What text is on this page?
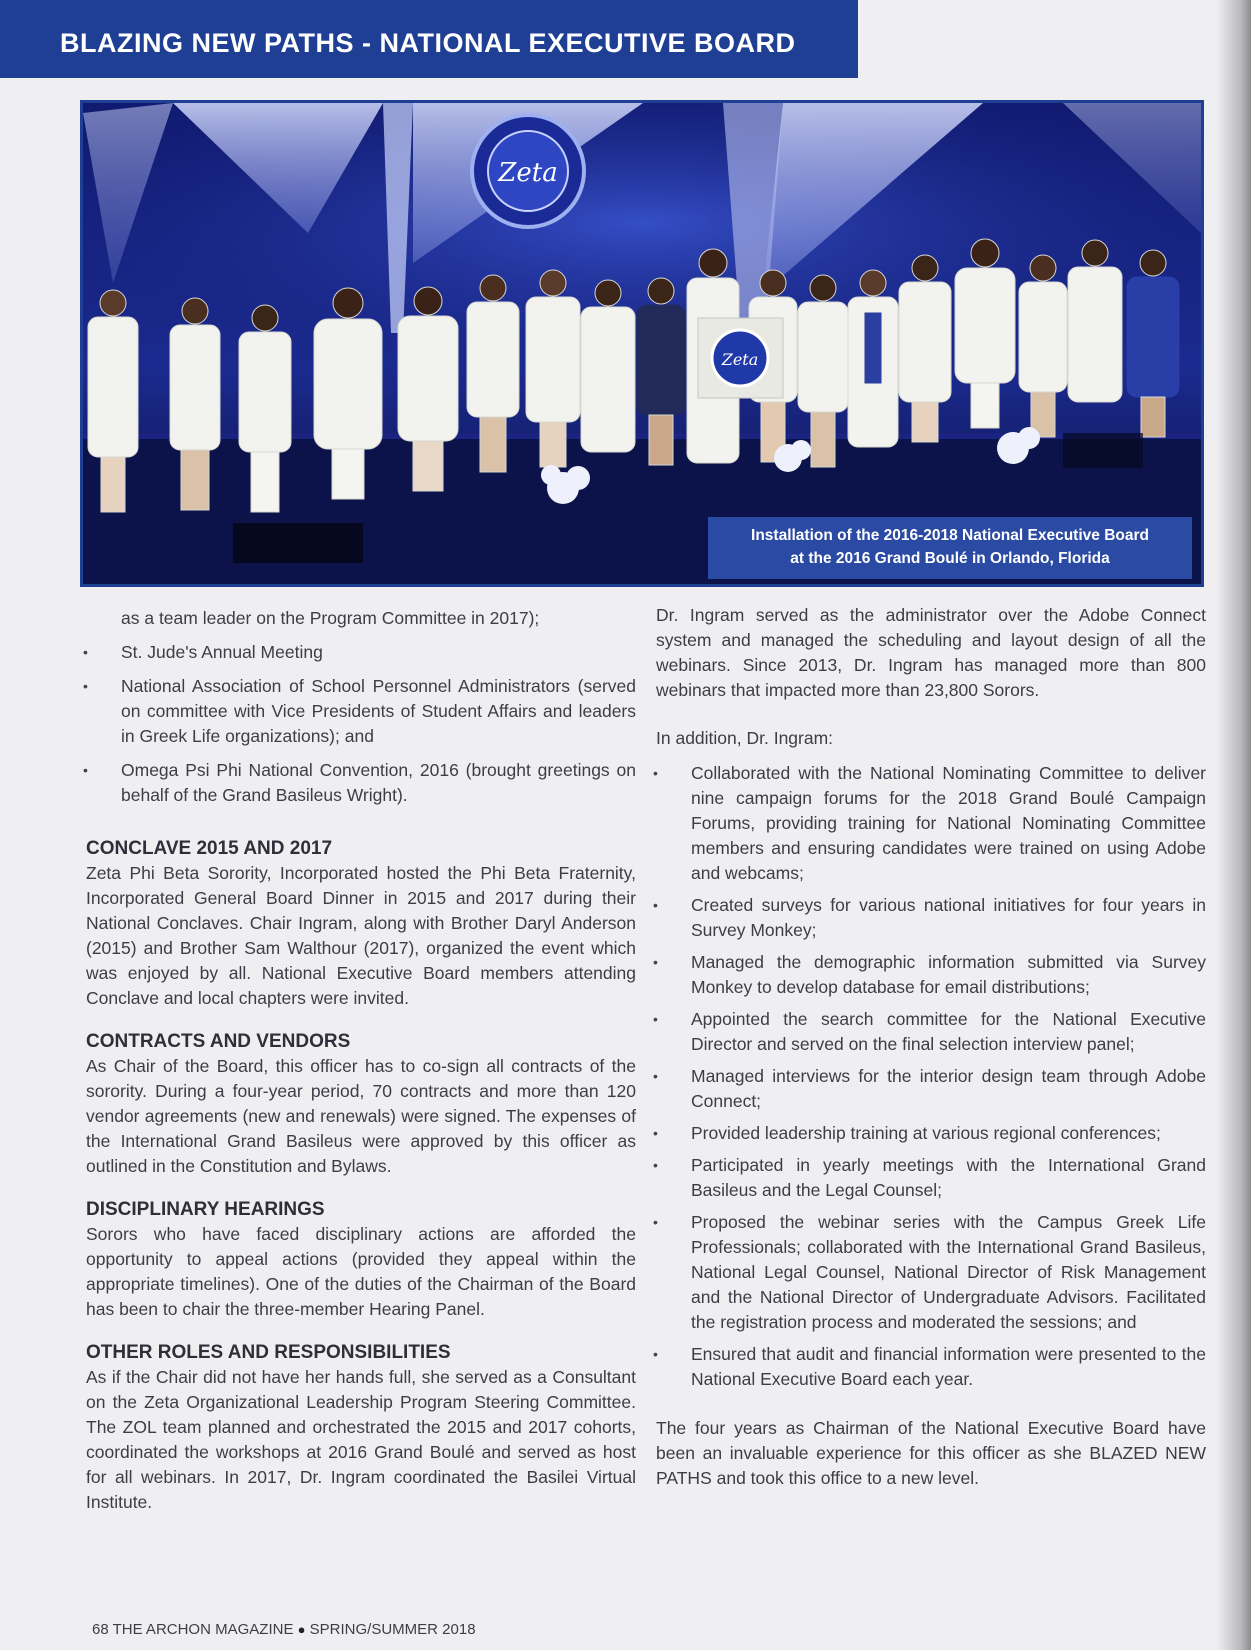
BLAZING NEW PATHS - NATIONAL EXECUTIVE BOARD
Zeta
Zeta
Installation of the 2016-2018 National Executive Board
at the 2016 Grand Boulé in Orlando, Florida

as a team leader on the Program Committee in 2017);

• St. Jude's Annual Meeting
• National Association of School Personnel Administrators (served on committee with Vice Presidents of Student Affairs and leaders in Greek Life organizations); and
• Omega Psi Phi National Convention, 2016 (brought greetings on behalf of the Grand Basileus Wright).
CONCLAVE 2015 AND 2017

Zeta Phi Beta Sorority, Incorporated hosted the Phi Beta Fraternity, Incorporated General Board Dinner in 2015 and 2017 during their National Conclaves. Chair Ingram, along with Brother Daryl Anderson (2015) and Brother Sam Walthour (2017), organized the event which was enjoyed by all. National Executive Board members attending Conclave and local chapters were invited.

CONTRACTS AND VENDORS

As Chair of the Board, this officer has to co-sign all contracts of the sorority. During a four-year period, 70 contracts and more than 120 vendor agreements (new and renewals) were signed. The expenses of the International Grand Basileus were approved by this officer as outlined in the Constitution and Bylaws.

DISCIPLINARY HEARINGS

Sorors who have faced disciplinary actions are afforded the opportunity to appeal actions (provided they appeal within the appropriate timelines). One of the duties of the Chairman of the Board has been to chair the three-member Hearing Panel.

OTHER ROLES AND RESPONSIBILITIES

As if the Chair did not have her hands full, she served as a Consultant on the Zeta Organizational Leadership Program Steering Committee. The ZOL team planned and orchestrated the 2015 and 2017 cohorts, coordinated the workshops at 2016 Grand Boulé and served as host for all webinars. In 2017, Dr. Ingram coordinated the Basilei Virtual Institute.

Dr. Ingram served as the administrator over the Adobe Connect system and managed the scheduling and layout design of all the webinars. Since 2013, Dr. Ingram has managed more than 800 webinars that impacted more than 23,800 Sorors.

In addition, Dr. Ingram:

• Collaborated with the National Nominating Committee to deliver nine campaign forums for the 2018 Grand Boulé Campaign Forums, providing training for National Nominating Committee members and ensuring candidates were trained on using Adobe and webcams;
• Created surveys for various national initiatives for four years in Survey Monkey;
• Managed the demographic information submitted via Survey Monkey to develop database for email distributions;
• Appointed the search committee for the National Executive Director and served on the final selection interview panel;
• Managed interviews for the interior design team through Adobe Connect;
• Provided leadership training at various regional conferences;
• Participated in yearly meetings with the International Grand Basileus and the Legal Counsel;
• Proposed the webinar series with the Campus Greek Life Professionals; collaborated with the International Grand Basileus, National Legal Counsel, National Director of Risk Management and the National Director of Undergraduate Advisors. Facilitated the registration process and moderated the sessions; and
• Ensured that audit and financial information were presented to the National Executive Board each year.

The four years as Chairman of the National Executive Board have been an invaluable experience for this officer as she BLAZED NEW PATHS and took this office to a new level.

68 THE ARCHON MAGAZINE ● SPRING/SUMMER 2018
